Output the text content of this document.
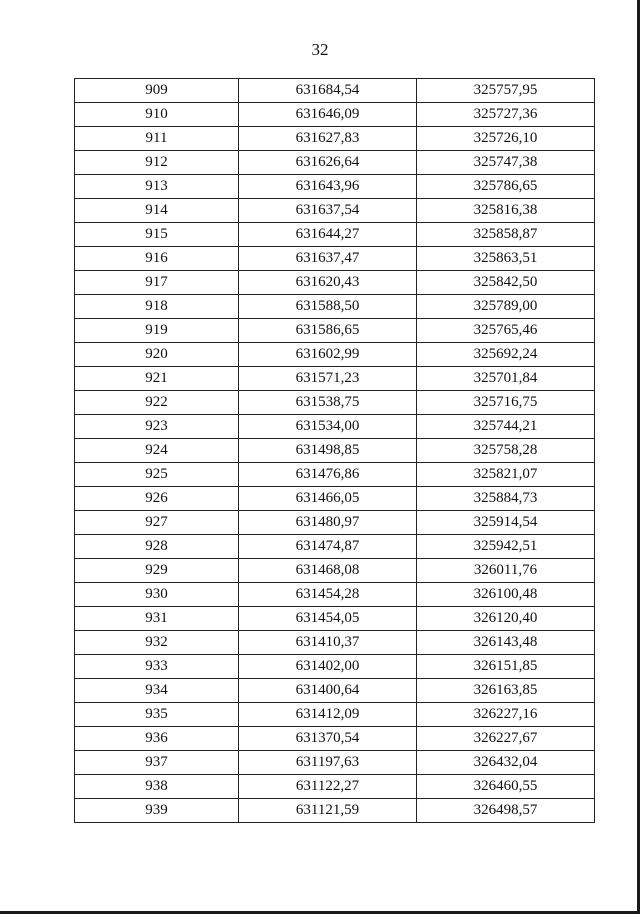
32
909	631684,54	325757,95
910	631646,09	325727,36
911	631627,83	325726,10
912	631626,64	325747,38
913	631643,96	325786,65
914	631637,54	325816,38
915	631644,27	325858,87
916	631637,47	325863,51
917	631620,43	325842,50
918	631588,50	325789,00
919	631586,65	325765,46
920	631602,99	325692,24
921	631571,23	325701,84
922	631538,75	325716,75
923	631534,00	325744,21
924	631498,85	325758,28
925	631476,86	325821,07
926	631466,05	325884,73
927	631480,97	325914,54
928	631474,87	325942,51
929	631468,08	326011,76
930	631454,28	326100,48
931	631454,05	326120,40
932	631410,37	326143,48
933	631402,00	326151,85
934	631400,64	326163,85
935	631412,09	326227,16
936	631370,54	326227,67
937	631197,63	326432,04
938	631122,27	326460,55
939	631121,59	326498,57
